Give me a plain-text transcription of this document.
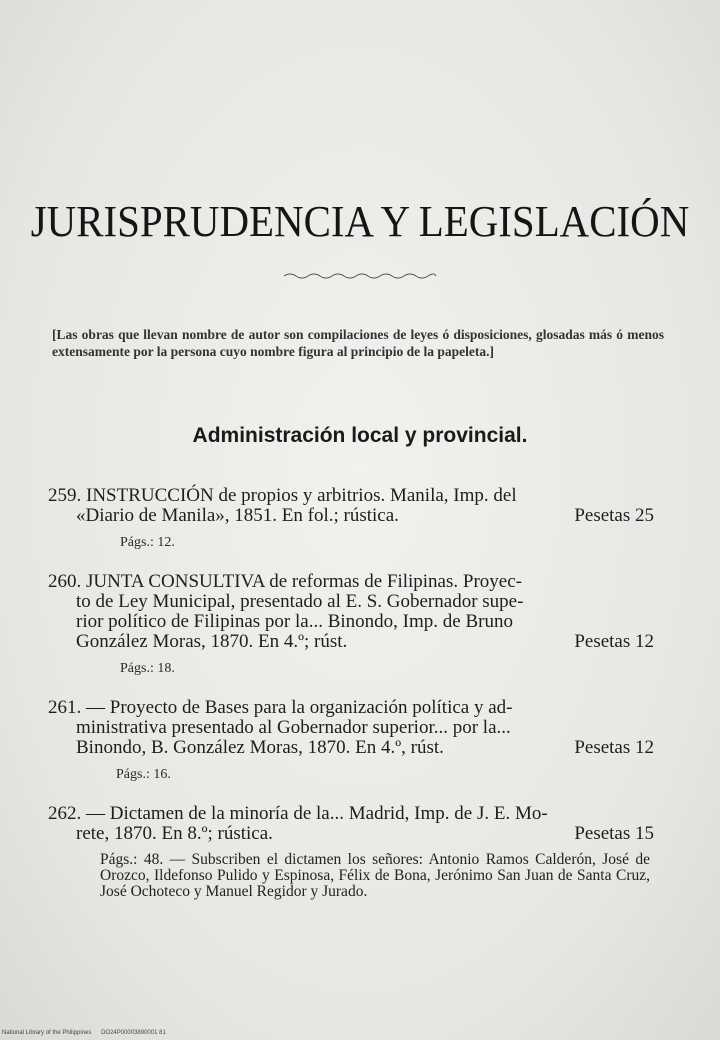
JURISPRUDENCIA Y LEGISLACIÓN
[Las obras que llevan nombre de autor son compilaciones de leyes ó disposiciones, glosadas más ó menos extensamente por la persona cuyo nombre figura al principio de la papeleta.]
Administración local y provincial.
259. INSTRUCCIÓN de propios y arbitrios. Manila, Imp. del
«Diario de Manila», 1851. En fol.; rústica.	Pesetas 25
Págs.: 12.
260. JUNTA CONSULTIVA de reformas de Filipinas. Proyec-
to de Ley Municipal, presentado al E. S. Gobernador supe-
rior político de Filipinas por la... Binondo, Imp. de Bruno
González Moras, 1870. En 4.º; rúst.	Pesetas 12
Págs.: 18.
261. — Proyecto de Bases para la organización política y ad-
ministrativa presentado al Gobernador superior... por la...
Binondo, B. González Moras, 1870. En 4.º, rúst.	Pesetas 12
Págs.: 16.
262. — Dictamen de la minoría de la... Madrid, Imp. de J. E. Mo-
rete, 1870. En 8.º; rústica.	Pesetas 15
Págs.: 48. — Subscriben el dictamen los señores: Antonio Ramos Calderón, José de Orozco, Ildefonso Pulido y Espinosa, Félix de Bona, Jerónimo San Juan de Santa Cruz, José Ochoteco y Manuel Regidor y Jurado.
National Library of the Philippines DO24P00003890001 81
